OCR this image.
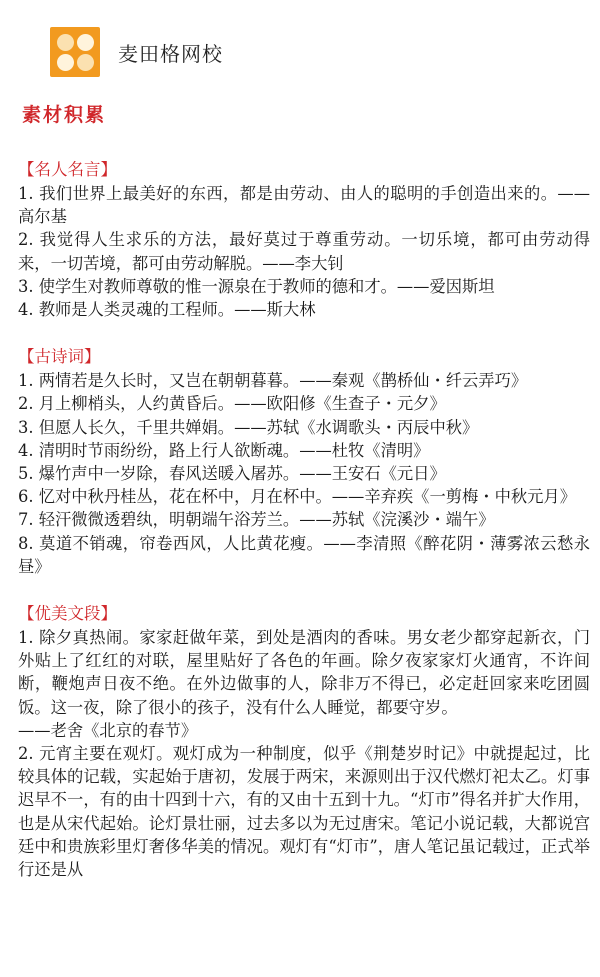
麦田格网校
素材积累
【名人名言】
1. 我们世界上最美好的东西，都是由劳动、由人的聪明的手创造出来的。——高尔基
2. 我觉得人生求乐的方法，最好莫过于尊重劳动。一切乐境，都可由劳动得来，一切苦境，都可由劳动解脱。——李大钊
3. 使学生对教师尊敬的惟一源泉在于教师的德和才。——爱因斯坦
4. 教师是人类灵魂的工程师。——斯大林
【古诗词】
1. 两情若是久长时，又岂在朝朝暮暮。——秦观《鹊桥仙・纤云弄巧》
2. 月上柳梢头，人约黄昏后。——欧阳修《生查子・元夕》
3. 但愿人长久，千里共婵娟。——苏轼《水调歌头・丙辰中秋》
4. 清明时节雨纷纷，路上行人欲断魂。——杜牧《清明》
5. 爆竹声中一岁除，春风送暖入屠苏。——王安石《元日》
6. 忆对中秋丹桂丛，花在杯中，月在杯中。——辛弃疾《一剪梅・中秋元月》
7. 轻汗微微透碧纨，明朝端午浴芳兰。——苏轼《浣溪沙・端午》
8. 莫道不销魂，帘卷西风，人比黄花瘦。——李清照《醉花阴・薄雾浓云愁永昼》
【优美文段】
1. 除夕真热闹。家家赶做年菜，到处是酒肉的香味。男女老少都穿起新衣，门外贴上了红红的对联，屋里贴好了各色的年画。除夕夜家家灯火通宵，不许间断，鞭炮声日夜不绝。在外边做事的人，除非万不得已，必定赶回家来吃团圆饭。这一夜，除了很小的孩子，没有什么人睡觉，都要守岁。
——老舍《北京的春节》
2. 元宵主要在观灯。观灯成为一种制度，似乎《荆楚岁时记》中就提起过，比较具体的记载，实起始于唐初，发展于两宋，来源则出于汉代燃灯祀太乙。灯事迟早不一，有的由十四到十六，有的又由十五到十九。“灯市”得名并扩大作用，也是从宋代起始。论灯景壮丽，过去多以为无过唐宋。笔记小说记载，大都说宫廷中和贵族彩里灯奢侈华美的情况。观灯有“灯市”，唐人笔记虽记载过，正式举行还是从
